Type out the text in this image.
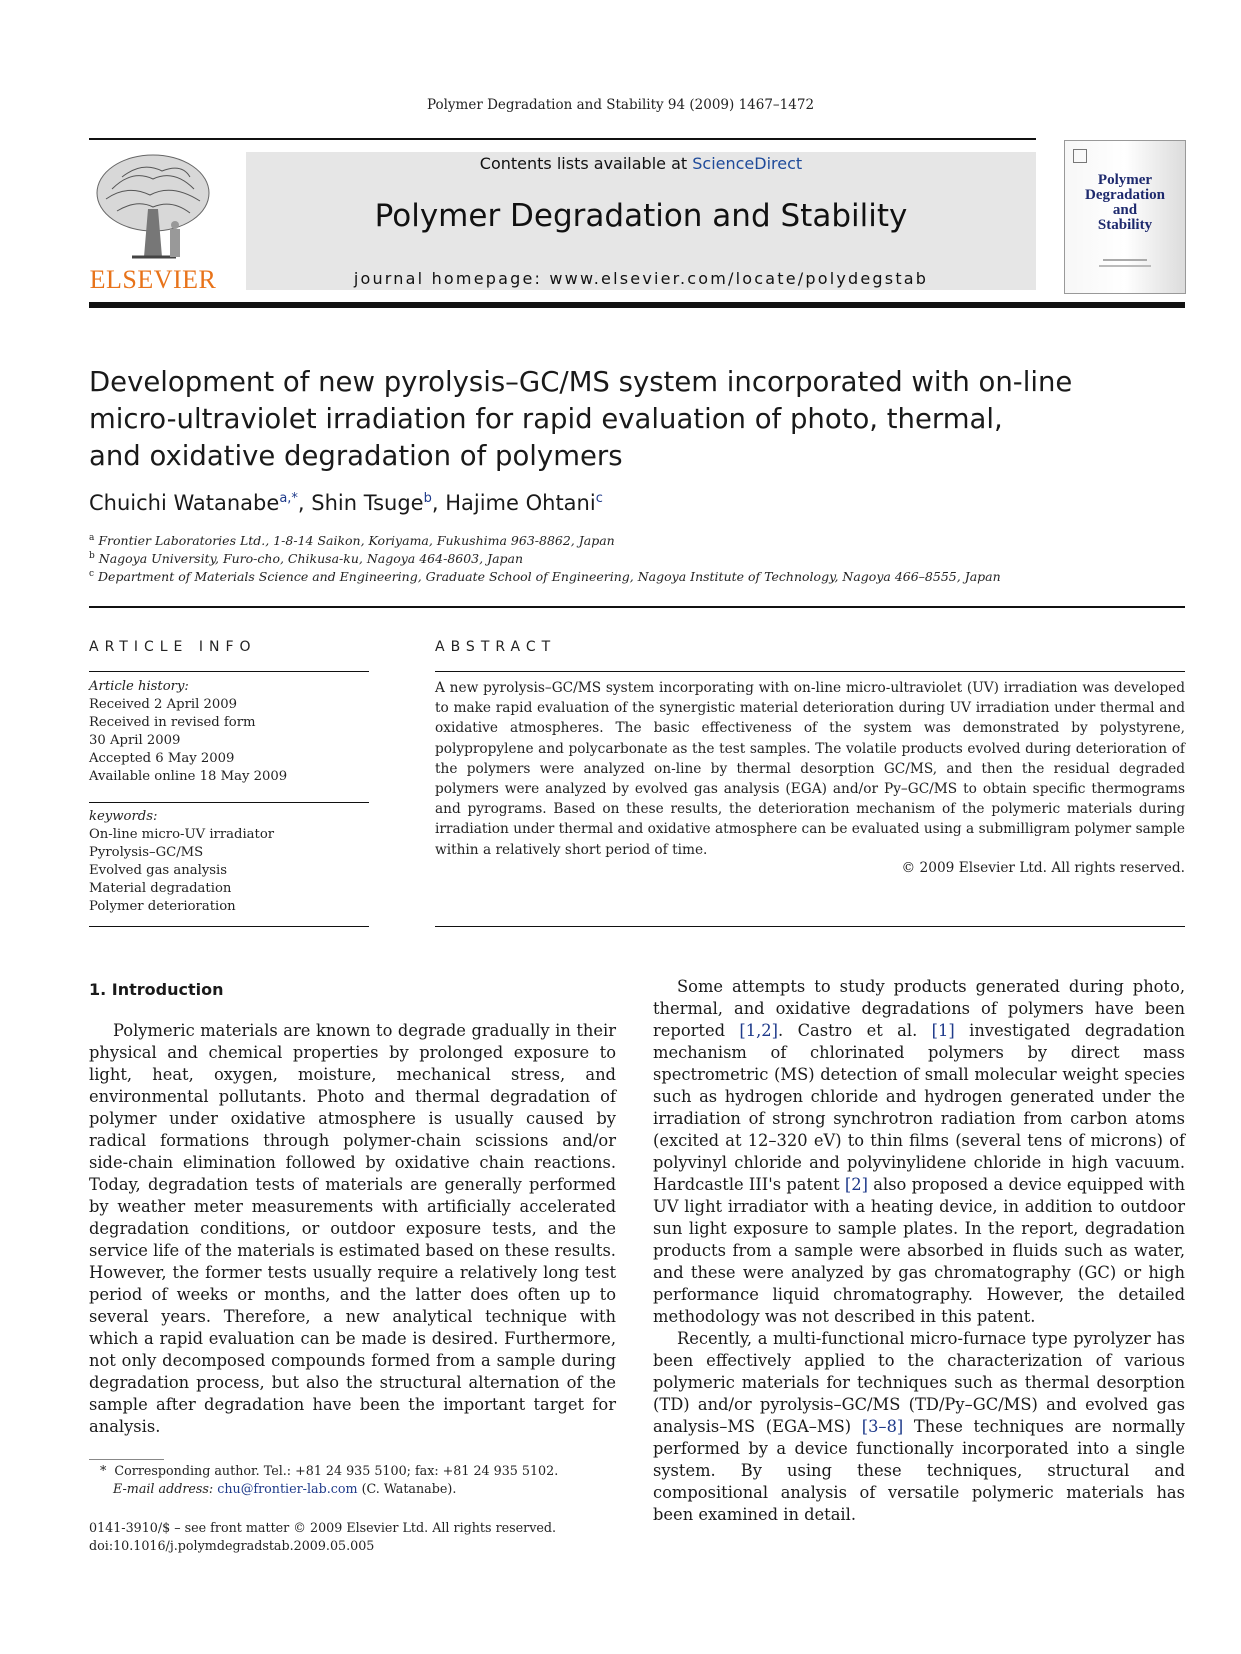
Polymer Degradation and Stability 94 (2009) 1467–1472
ELSEVIER
Contents lists available at ScienceDirect
Polymer Degradation and Stability
journal homepage: www.elsevier.com/locate/polydegstab
Polymer
Degradation
and
Stability
Development of new pyrolysis–GC/MS system incorporated with on-line
micro-ultraviolet irradiation for rapid evaluation of photo, thermal,
and oxidative degradation of polymers
Chuichi Watanabe$^{a,*}$, Shin Tsuge$^b$, Hajime Ohtani$^c$
$^a$ Frontier Laboratories Ltd., 1-8-14 Saikon, Koriyama, Fukushima 963-8862, Japan
$^b$ Nagoya University, Furo-cho, Chikusa-ku, Nagoya 464-8603, Japan
$^c$ Department of Materials Science and Engineering, Graduate School of Engineering, Nagoya Institute of Technology, Nagoya 466–8555, Japan
ARTICLE INFO
Article history:
Received 2 April 2009
Received in revised form
30 April 2009
Accepted 6 May 2009
Available online 18 May 2009
keywords:
On-line micro-UV irradiator
Pyrolysis–GC/MS
Evolved gas analysis
Material degradation
Polymer deterioration
ABSTRACT
A new pyrolysis–GC/MS system incorporating with on-line micro-ultraviolet (UV) irradiation was developed to make rapid evaluation of the synergistic material deterioration during UV irradiation under thermal and oxidative atmospheres. The basic effectiveness of the system was demonstrated by polystyrene, polypropylene and polycarbonate as the test samples. The volatile products evolved during deterioration of the polymers were analyzed on-line by thermal desorption GC/MS, and then the residual degraded polymers were analyzed by evolved gas analysis (EGA) and/or Py–GC/MS to obtain specific thermograms and pyrograms. Based on these results, the deterioration mechanism of the polymeric materials during irradiation under thermal and oxidative atmosphere can be evaluated using a submilligram polymer sample within a relatively short period of time.
© 2009 Elsevier Ltd. All rights reserved.
1. Introduction

Polymeric materials are known to degrade gradually in their physical and chemical properties by prolonged exposure to light, heat, oxygen, moisture, mechanical stress, and environmental pollutants. Photo and thermal degradation of polymer under oxidative atmosphere is usually caused by radical formations through polymer-chain scissions and/or side-chain elimination followed by oxidative chain reactions. Today, degradation tests of materials are generally performed by weather meter measurements with artificially accelerated degradation conditions, or outdoor exposure tests, and the service life of the materials is estimated based on these results. However, the former tests usually require a relatively long test period of weeks or months, and the latter does often up to several years. Therefore, a new analytical technique with which a rapid evaluation can be made is desired. Furthermore, not only decomposed compounds formed from a sample during degradation process, but also the structural alternation of the sample after degradation have been the important target for analysis.

Some attempts to study products generated during photo, thermal, and oxidative degradations of polymers have been reported [1,2]. Castro et al. [1] investigated degradation mechanism of chlorinated polymers by direct mass spectrometric (MS) detection of small molecular weight species such as hydrogen chloride and hydrogen generated under the irradiation of strong synchrotron radiation from carbon atoms (excited at 12–320 eV) to thin films (several tens of microns) of polyvinyl chloride and polyvinylidene chloride in high vacuum. Hardcastle III's patent [2] also proposed a device equipped with UV light irradiator with a heating device, in addition to outdoor sun light exposure to sample plates. In the report, degradation products from a sample were absorbed in fluids such as water, and these were analyzed by gas chromatography (GC) or high performance liquid chromatography. However, the detailed methodology was not described in this patent.

Recently, a multi-functional micro-furnace type pyrolyzer has been effectively applied to the characterization of various polymeric materials for techniques such as thermal desorption (TD) and/or pyrolysis–GC/MS (TD/Py–GC/MS) and evolved gas analysis–MS (EGA–MS) [3–8] These techniques are normally performed by a device functionally incorporated into a single system. By using these techniques, structural and compositional analysis of versatile polymeric materials has been examined in detail.

* Corresponding author. Tel.: +81 24 935 5100; fax: +81 24 935 5102.
E-mail address: chu@frontier-lab.com (C. Watanabe).
0141-3910/$ – see front matter © 2009 Elsevier Ltd. All rights reserved.
doi:10.1016/j.polymdegradstab.2009.05.005
